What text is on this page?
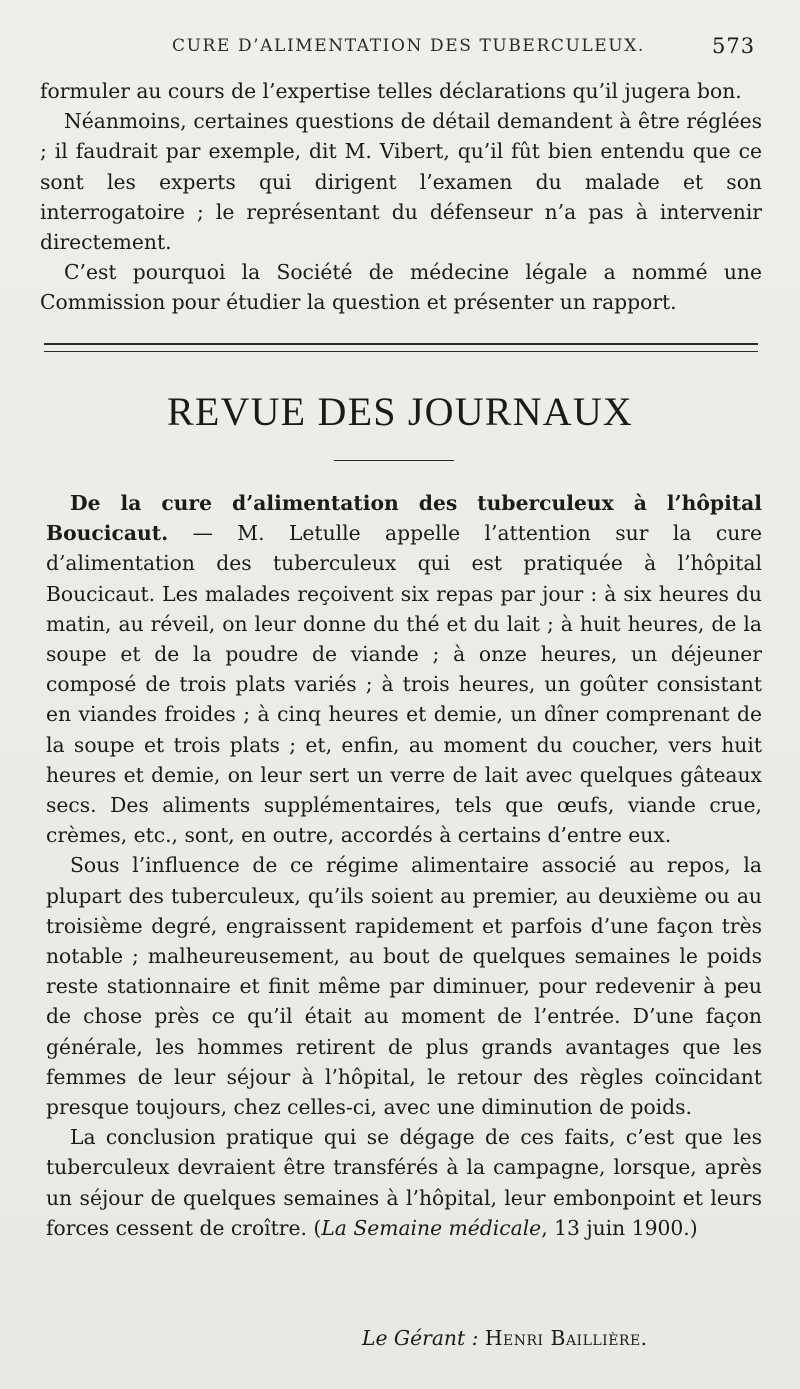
CURE D’ALIMENTATION DES TUBERCULEUX.	573

formuler au cours de l’expertise telles déclarations qu’il jugera bon.

Néanmoins, certaines questions de détail demandent à être réglées ; il faudrait par exemple, dit M. Vibert, qu’il fût bien entendu que ce sont les experts qui dirigent l’examen du malade et son interrogatoire ; le représentant du défenseur n’a pas à intervenir directement.

C’est pourquoi la Société de médecine légale a nommé une Commission pour étudier la question et présenter un rapport.

REVUE DES JOURNAUX

De la cure d’alimentation des tuberculeux à l’hôpital Boucicaut. — M. Letulle appelle l’attention sur la cure d’alimentation des tuberculeux qui est pratiquée à l’hôpital Boucicaut. Les malades reçoivent six repas par jour : à six heures du matin, au réveil, on leur donne du thé et du lait ; à huit heures, de la soupe et de la poudre de viande ; à onze heures, un déjeuner composé de trois plats variés ; à trois heures, un goûter consistant en viandes froides ; à cinq heures et demie, un dîner comprenant de la soupe et trois plats ; et, enfin, au moment du coucher, vers huit heures et demie, on leur sert un verre de lait avec quelques gâteaux secs. Des aliments supplémentaires, tels que œufs, viande crue, crèmes, etc., sont, en outre, accordés à certains d’entre eux.

Sous l’influence de ce régime alimentaire associé au repos, la plupart des tuberculeux, qu’ils soient au premier, au deuxième ou au troisième degré, engraissent rapidement et parfois d’une façon très notable ; malheureusement, au bout de quelques semaines le poids reste stationnaire et finit même par diminuer, pour redevenir à peu de chose près ce qu’il était au moment de l’entrée. D’une façon générale, les hommes retirent de plus grands avantages que les femmes de leur séjour à l’hôpital, le retour des règles coïncidant presque toujours, chez celles-ci, avec une diminution de poids.

La conclusion pratique qui se dégage de ces faits, c’est que les tuberculeux devraient être transférés à la campagne, lorsque, après un séjour de quelques semaines à l’hôpital, leur embonpoint et leurs forces cessent de croître. (La Semaine médicale, 13 juin 1900.)

Le Gérant : Henri Baillière.
